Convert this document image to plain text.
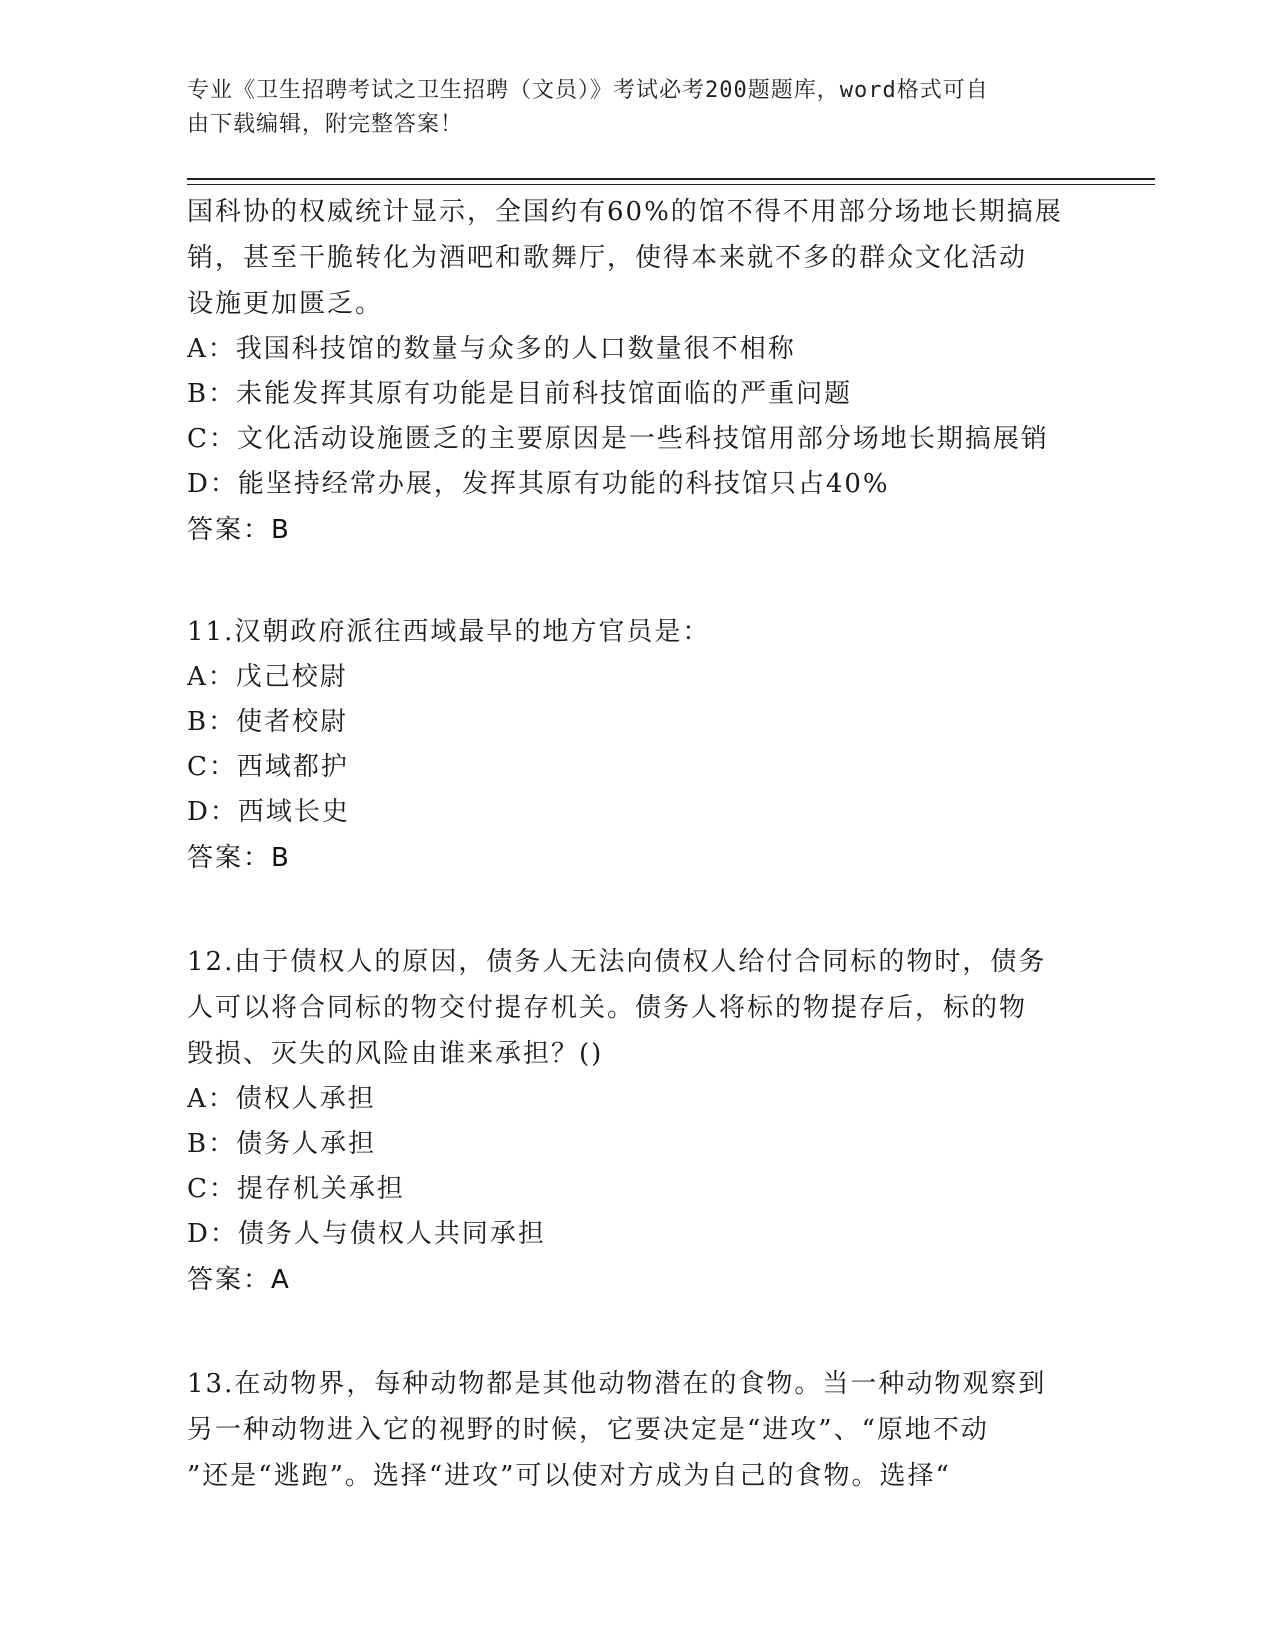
专业《卫生招聘考试之卫生招聘（文员）》考试必考200题题库，word格式可自
由下载编辑，附完整答案！

国科协的权威统计显示，全国约有60%的馆不得不用部分场地长期搞展

销，甚至干脆转化为酒吧和歌舞厅，使得本来就不多的群众文化活动

设施更加匮乏。

A：我国科技馆的数量与众多的人口数量很不相称

B：未能发挥其原有功能是目前科技馆面临的严重问题

C：文化活动设施匮乏的主要原因是一些科技馆用部分场地长期搞展销

D：能坚持经常办展，发挥其原有功能的科技馆只占40%

答案：B

11.汉朝政府派往西域最早的地方官员是：

A：戊己校尉

B：使者校尉

C：西域都护

D：西域长史

答案：B

12.由于债权人的原因，债务人无法向债权人给付合同标的物时，债务

人可以将合同标的物交付提存机关。债务人将标的物提存后，标的物

毁损、灭失的风险由谁来承担？()

A：债权人承担

B：债务人承担

C：提存机关承担

D：债务人与债权人共同承担

答案：A

13.在动物界，每种动物都是其他动物潜在的食物。当一种动物观察到

另一种动物进入它的视野的时候，它要决定是“进攻”、“原地不动

”还是“逃跑”。选择“进攻”可以使对方成为自己的食物。选择“
